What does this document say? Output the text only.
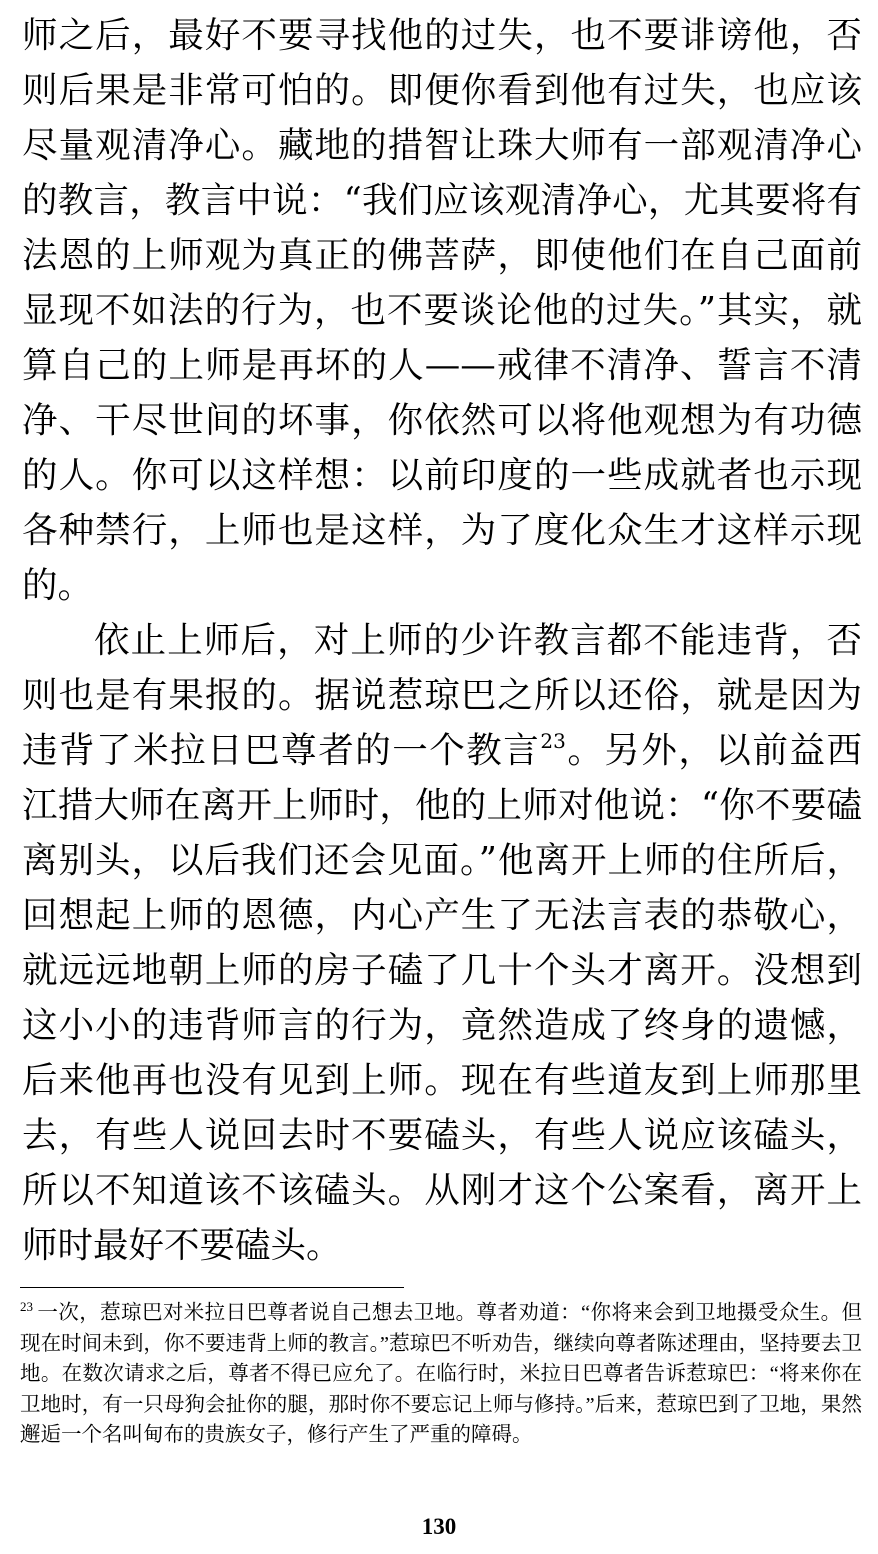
师之后，最好不要寻找他的过失，也不要诽谤他，否则后果是非常可怕的。即便你看到他有过失，也应该尽量观清净心。藏地的措智让珠大师有一部观清净心的教言，教言中说：“我们应该观清净心，尤其要将有法恩的上师观为真正的佛菩萨，即使他们在自己面前显现不如法的行为，也不要谈论他的过失。”其实，就算自己的上师是再坏的人——戒律不清净、誓言不清净、干尽世间的坏事，你依然可以将他观想为有功德的人。你可以这样想：以前印度的一些成就者也示现各种禁行，上师也是这样，为了度化众生才这样示现的。

依止上师后，对上师的少许教言都不能违背，否则也是有果报的。据说惹琼巴之所以还俗，就是因为违背了米拉日巴尊者的一个教言$^{23}$。另外，以前益西江措大师在离开上师时，他的上师对他说：“你不要磕离别头，以后我们还会见面。”他离开上师的住所后，回想起上师的恩德，内心产生了无法言表的恭敬心，就远远地朝上师的房子磕了几十个头才离开。没想到这小小的违背师言的行为，竟然造成了终身的遗憾，后来他再也没有见到上师。现在有些道友到上师那里去，有些人说回去时不要磕头，有些人说应该磕头，所以不知道该不该磕头。从刚才这个公案看，离开上师时最好不要磕头。

$^{23}$ 一次，惹琼巴对米拉日巴尊者说自己想去卫地。尊者劝道：“你将来会到卫地摄受众生。但现在时间未到，你不要违背上师的教言。”惹琼巴不听劝告，继续向尊者陈述理由，坚持要去卫地。在数次请求之后，尊者不得已应允了。在临行时，米拉日巴尊者告诉惹琼巴：“将来你在卫地时，有一只母狗会扯你的腿，那时你不要忘记上师与修持。”后来，惹琼巴到了卫地，果然邂逅一个名叫甸布的贵族女子，修行产生了严重的障碍。

130
